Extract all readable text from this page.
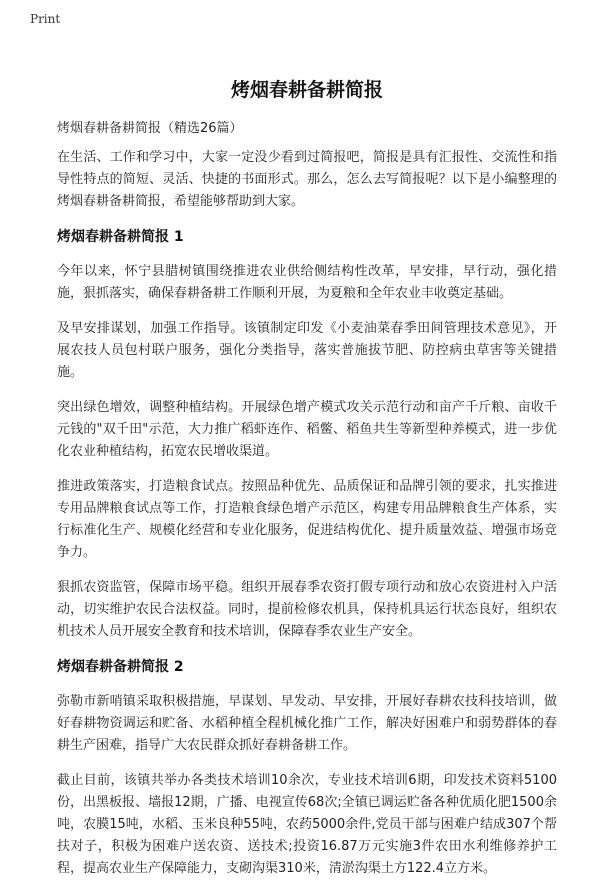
Print
烤烟春耕备耕简报

烤烟春耕备耕简报（精选26篇）

在生活、工作和学习中，大家一定没少看到过简报吧，简报是具有汇报性、交流性和指导性特点的简短、灵活、快捷的书面形式。那么，怎么去写简报呢？以下是小编整理的烤烟春耕备耕简报，希望能够帮助到大家。

烤烟春耕备耕简报 1

今年以来，怀宁县腊树镇围绕推进农业供给侧结构性改革，早安排，早行动，强化措施，狠抓落实，确保春耕备耕工作顺利开展，为夏粮和全年农业丰收奠定基础。

及早安排谋划，加强工作指导。该镇制定印发《小麦油菜春季田间管理技术意见》，开展农技人员包村联户服务，强化分类指导，落实普施拔节肥、防控病虫草害等关键措施。

突出绿色增效，调整种植结构。开展绿色增产模式攻关示范行动和亩产千斤粮、亩收千元钱的"双千田"示范，大力推广稻虾连作、稻鳖、稻鱼共生等新型种养模式，进一步优化农业种植结构，拓宽农民增收渠道。

推进政策落实，打造粮食试点。按照品种优先、品质保证和品牌引领的要求，扎实推进专用品牌粮食试点等工作，打造粮食绿色增产示范区，构建专用品牌粮食生产体系，实行标准化生产、规模化经营和专业化服务，促进结构优化、提升质量效益、增强市场竞争力。

狠抓农资监管，保障市场平稳。组织开展春季农资打假专项行动和放心农资进村入户活动，切实维护农民合法权益。同时，提前检修农机具，保持机具运行状态良好，组织农机技术人员开展安全教育和技术培训，保障春季农业生产安全。

烤烟春耕备耕简报 2

弥勒市新哨镇采取积极措施，早谋划、早发动、早安排，开展好春耕农技科技培训，做好春耕物资调运和贮备、水稻种植全程机械化推广工作，解决好困难户和弱势群体的春耕生产困难，指导广大农民群众抓好春耕备耕工作。

截止目前，该镇共举办各类技术培训10余次，专业技术培训6期，印发技术资料5100份，出黑板报、墙报12期，广播、电视宣传68次;全镇已调运贮备各种优质化肥1500余吨，农膜15吨，水稻、玉米良种55吨，农药5000余件,党员干部与困难户结成307个帮扶对子，积极为困难户送农资、送技术;投资16.87万元实施3件农田水利维修养护工程，提高农业生产保障能力，支砌沟渠310米，清淤沟渠土方122.4立方米。
